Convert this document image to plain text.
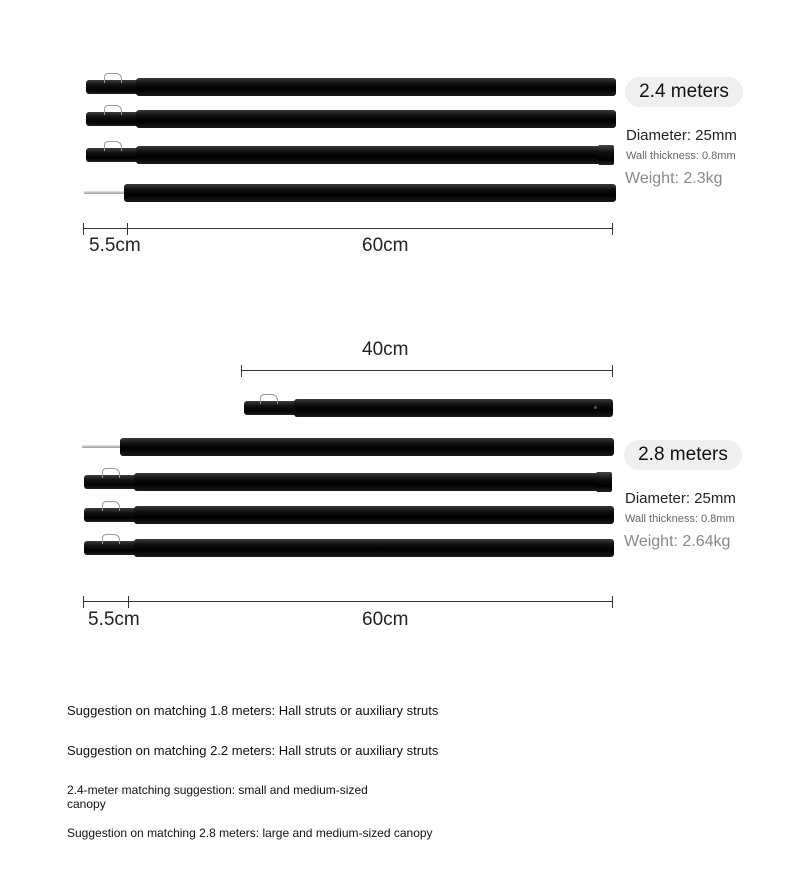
5.5cm	60cm
2.4 meters
Diameter: 25mm
Wall thickness: 0.8mm
Weight: 2.3kg
40cm
5.5cm	60cm
2.8 meters
Diameter: 25mm
Wall thickness: 0.8mm
Weight: 2.64kg
Suggestion on matching 1.8 meters: Hall struts or auxiliary struts
Suggestion on matching 2.2 meters: Hall struts or auxiliary struts
2.4-meter matching suggestion: small and medium-sized canopy
Suggestion on matching 2.8 meters: large and medium-sized canopy
